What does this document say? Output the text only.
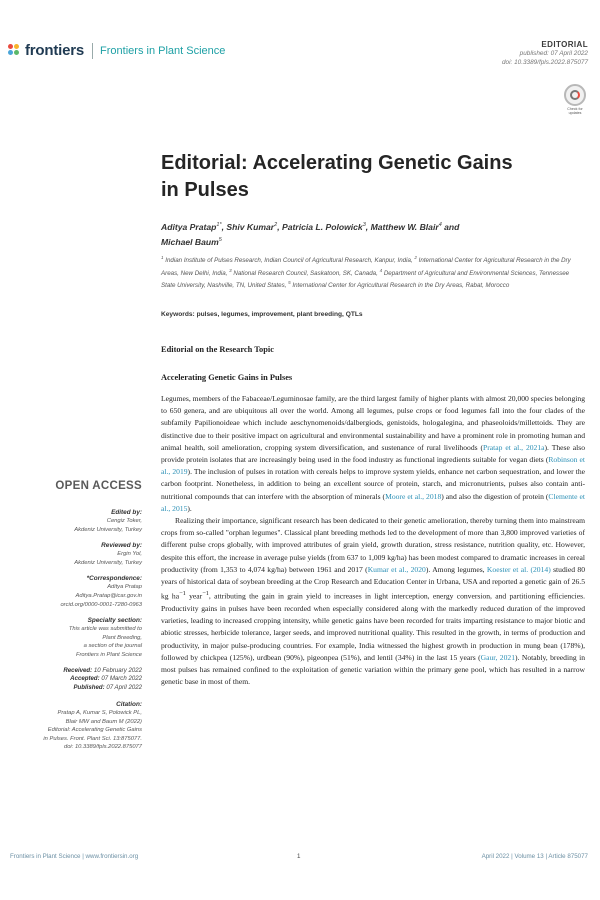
frontiers Frontiers in Plant Science	EDITORIAL
published: 07 April 2022
doi: 10.3389/fpls.2022.875077
Check for updates
Editorial: Accelerating Genetic Gains
in Pulses
Aditya Pratap$^{1*}$, Shiv Kumar$^2$, Patricia L. Polowick$^3$, Matthew W. Blair$^4$ and
Michael Baum$^5$
$^1$ Indian Institute of Pulses Research, Indian Council of Agricultural Research, Kanpur, India, $^2$ International Center for Agricultural Research in the Dry Areas, New Delhi, India, $^3$ National Research Council, Saskatoon, SK, Canada, $^4$ Department of Agricultural and Environmental Sciences, Tennessee State University, Nashville, TN, United States, $^5$ International Center for Agricultural Research in the Dry Areas, Rabat, Morocco
Keywords: pulses, legumes, improvement, plant breeding, QTLs
Editorial on the Research Topic
Accelerating Genetic Gains in Pulses

Legumes, members of the Fabaceae/Leguminosae family, are the third largest family of higher plants with almost 20,000 species belonging to 650 genera, and are ubiquitous all over the world. Among all legumes, pulse crops or food legumes fall into the four clades of the subfamily Papilionoideae which include aeschynomenoids/dalbergiods, genistoids, hologalegina, and phaseoloids/millettoids. They are distinctive due to their positive impact on agricultural and environmental sustainability and have a prominent role in promoting human and animal health, soil amelioration, cropping system diversification, and sustenance of rural livelihoods (Pratap et al., 2021a). These also provide protein isolates that are increasingly being used in the food industry as functional ingredients suitable for vegan diets (Robinson et al., 2019). The inclusion of pulses in rotation with cereals helps to improve system yields, enhance net carbon sequestration, and lower the carbon footprint. Nonetheless, in addition to being an excellent source of protein, starch, and micronutrients, pulses also contain anti-nutritional compounds that can interfere with the absorption of minerals (Moore et al., 2018) and also the digestion of protein (Clemente et al., 2015).

Realizing their importance, significant research has been dedicated to their genetic amelioration, thereby turning them into mainstream crops from so-called "orphan legumes". Classical plant breeding methods led to the development of more than 3,800 improved varieties of different pulse crops globally, with improved attributes of grain yield, growth duration, stress resistance, nutrition quality, etc. However, despite this effort, the increase in average pulse yields (from 637 to 1,009 kg/ha) has been modest compared to dramatic increases in cereal productivity (from 1,353 to 4,074 kg/ha) between 1961 and 2017 (Kumar et al., 2020). Among legumes, Koester et al. (2014) studied 80 years of historical data of soybean breeding at the Crop Research and Education Center in Urbana, USA and reported a genetic gain of 26.5 kg $ha^{-1}$ year$^{-1}$, attributing the gain in grain yield to increases in light interception, energy conversion, and partitioning efficiencies. Productivity gains in pulses have been recorded when especially considered along with the markedly reduced duration of the improved varieties, leading to increased cropping intensity, while genetic gains have been recorded for traits imparting resistance to major biotic and abiotic stresses, herbicide tolerance, larger seeds, and improved nutritional quality. This resulted in the growth, in terms of production and productivity, in major pulse-producing countries. For example, India witnessed the highest growth in production in mung bean (178%), followed by chickpea (125%), urdbean (90%), pigeonpea (51%), and lentil (34%) in the last 15 years (Gaur, 2021). Notably, breeding in most pulses has remained confined to the exploitation of genetic variation within the primary gene pool, which has resulted in a narrow genetic base in most of them.

OPEN ACCESS
Edited by:
Cengiz Toker,
Akdeniz University, Turkey
Reviewed by:
Ergin Yol,
Akdeniz University, Turkey
*Correspondence:
Aditya Pratap
Aditya.Pratap@icar.gov.in
orcid.org/0000-0001-7280-0963
Specialty section:
This article was submitted to
Plant Breeding,
a section of the journal
Frontiers in Plant Science
Received: 10 February 2022
Accepted: 07 March 2022
Published: 07 April 2022
Citation:
Pratap A, Kumar S, Polowick PL,
Blair MW and Baum M (2022)
Editorial: Accelerating Genetic Gains
in Pulses. Front. Plant Sci. 13:875077.
doi: 10.3389/fpls.2022.875077
Frontiers in Plant Science | www.frontiersin.org	1	April 2022 | Volume 13 | Article 875077
